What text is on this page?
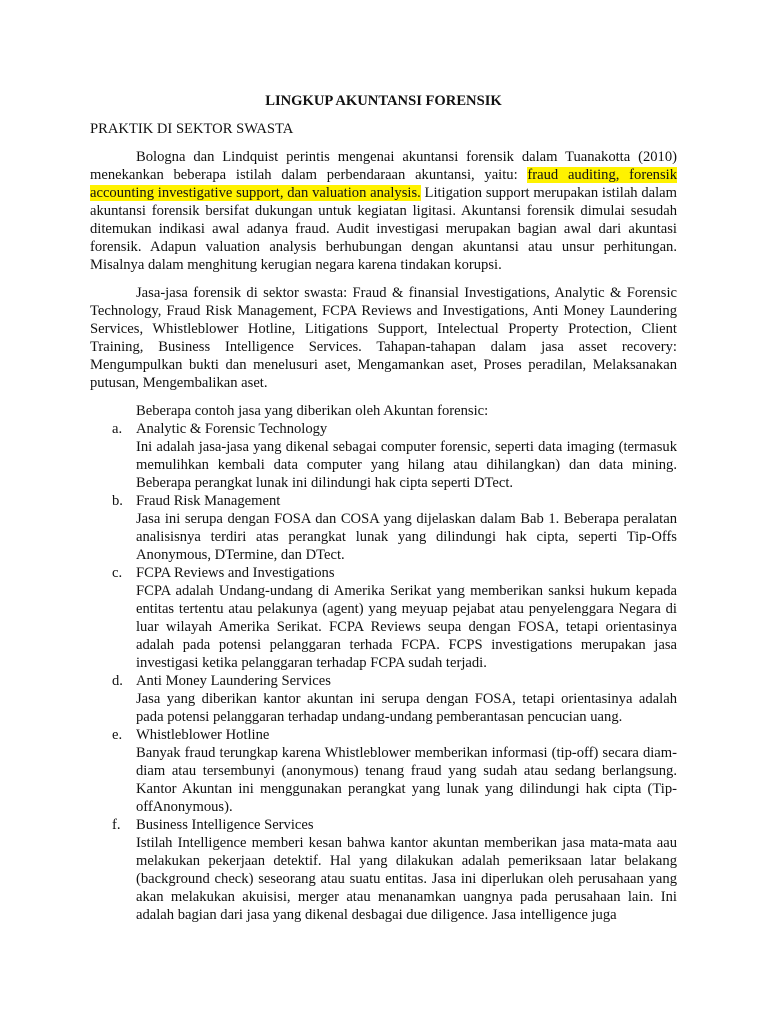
LINGKUP AKUNTANSI FORENSIK
PRAKTIK DI SEKTOR SWASTA

Bologna dan Lindquist perintis mengenai akuntansi forensik dalam Tuanakotta (2010) menekankan beberapa istilah dalam perbendaraan akuntansi, yaitu: fraud auditing, forensik accounting investigative support, dan valuation analysis. Litigation support merupakan istilah dalam akuntansi forensik bersifat dukungan untuk kegiatan ligitasi. Akuntansi forensik dimulai sesudah ditemukan indikasi awal adanya fraud. Audit investigasi merupakan bagian awal dari akuntasi forensik. Adapun valuation analysis berhubungan dengan akuntansi atau unsur perhitungan. Misalnya dalam menghitung kerugian negara karena tindakan korupsi.

Jasa-jasa forensik di sektor swasta: Fraud & finansial Investigations, Analytic & Forensic Technology, Fraud Risk Management, FCPA Reviews and Investigations, Anti Money Laundering Services, Whistleblower Hotline, Litigations Support, Intelectual Property Protection, Client Training, Business Intelligence Services. Tahapan-tahapan dalam jasa asset recovery: Mengumpulkan bukti dan menelusuri aset, Mengamankan aset, Proses peradilan, Melaksanakan putusan, Mengembalikan aset.

Beberapa contoh jasa yang diberikan oleh Akuntan forensic:
a. Analytic & Forensic Technology

Ini adalah jasa-jasa yang dikenal sebagai computer forensic, seperti data imaging (termasuk memulihkan kembali data computer yang hilang atau dihilangkan) dan data mining. Beberapa perangkat lunak ini dilindungi hak cipta seperti DTect.

b. Fraud Risk Management

Jasa ini serupa dengan FOSA dan COSA yang dijelaskan dalam Bab 1. Beberapa peralatan analisisnya terdiri atas perangkat lunak yang dilindungi hak cipta, seperti Tip-Offs Anonymous, DTermine, dan DTect.

c. FCPA Reviews and Investigations

FCPA adalah Undang-undang di Amerika Serikat yang memberikan sanksi hukum kepada entitas tertentu atau pelakunya (agent) yang meyuap pejabat atau penyelenggara Negara di luar wilayah Amerika Serikat. FCPA Reviews seupa dengan FOSA, tetapi orientasinya adalah pada potensi pelanggaran terhada FCPA. FCPS investigations merupakan jasa investigasi ketika pelanggaran terhadap FCPA sudah terjadi.

d. Anti Money Laundering Services

Jasa yang diberikan kantor akuntan ini serupa dengan FOSA, tetapi orientasinya adalah pada potensi pelanggaran terhadap undang-undang pemberantasan pencucian uang.

e. Whistleblower Hotline

Banyak fraud terungkap karena Whistleblower memberikan informasi (tip-off) secara diam-diam atau tersembunyi (anonymous) tenang fraud yang sudah atau sedang berlangsung. Kantor Akuntan ini menggunakan perangkat yang lunak yang dilindungi hak cipta (Tip-offAnonymous).

f. Business Intelligence Services

Istilah Intelligence memberi kesan bahwa kantor akuntan memberikan jasa mata-mata aau melakukan pekerjaan detektif. Hal yang dilakukan adalah pemeriksaan latar belakang (background check) seseorang atau suatu entitas. Jasa ini diperlukan oleh perusahaan yang akan melakukan akuisisi, merger atau menanamkan uangnya pada perusahaan lain. Ini adalah bagian dari jasa yang dikenal desbagai due diligence. Jasa intelligence juga
